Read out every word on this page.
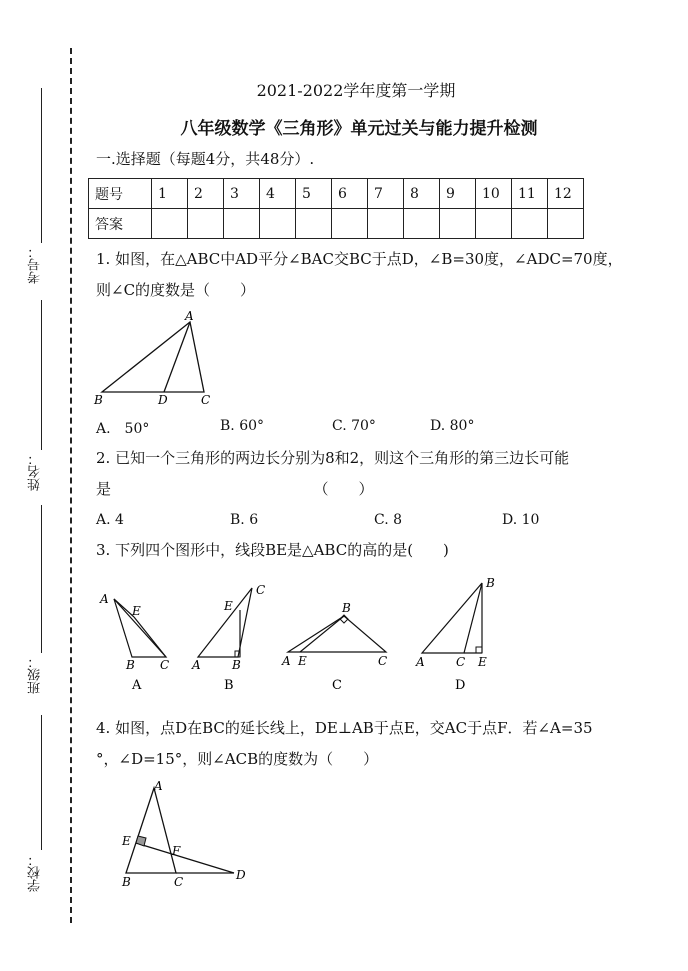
考号：
姓名：
班级：
学校：
2021-2022学年度第一学期
八年级数学《三角形》单元过关与能力提升检测
一.选择题（每题4分，共48分）.
题号	1	2	3	4	5	6	7	8	9	10	11	12
答案												
1. 如图，在△ABC中AD平分∠BAC交BC于点D，∠B=30度，∠ADC=70度，
则∠C的度数是（　　）
A
B	D	C
A.　50°	B. 60°	C. 70°	D. 80°
2. 已知一个三角形的两边长分别为8和2，则这个三角形的第三边长可能
是　　　　　　　　　　　　　　（　　）
A. 4	B. 6	C. 8	D. 10
3. 下列四个图形中，线段BE是△ABC的高的是(　　)
A
E
B C
A
C
E
A	B
B
B
A E	C
C
B
A	C E
D
4. 如图，点D在BC的延长线上，DE⊥AB于点E，交AC于点F．若∠A=35
°，∠D=15°，则∠ACB的度数为（　　）
A
E
F
B	C	D
